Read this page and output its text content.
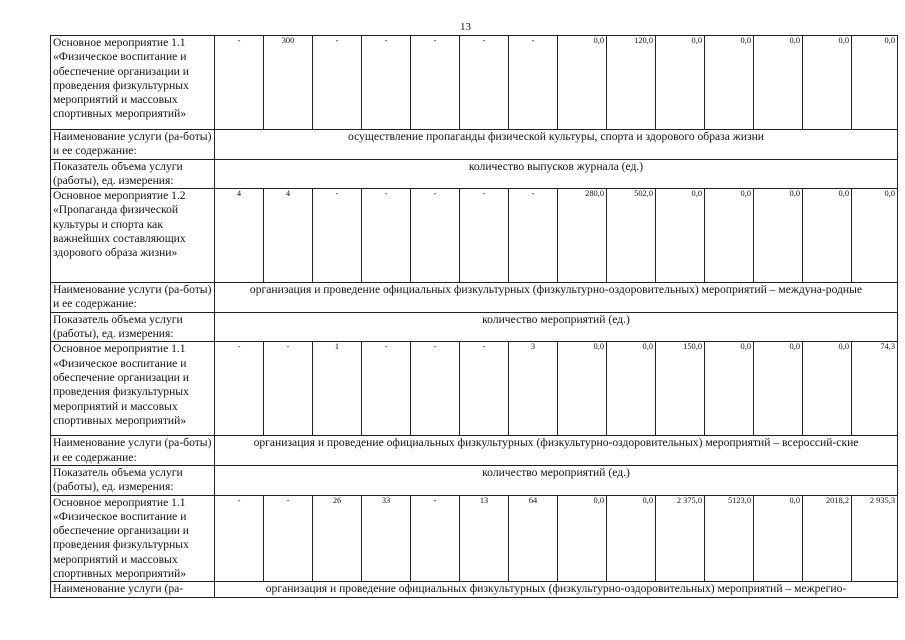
13
Основное мероприятие 1.1 «Физическое воспитание и обеспечение организации и проведения физкультурных мероприятий и массовых спортивных мероприятий»	-	300	-	-	-	-	-	0,0	120,0	0,0	0,0	0,0	0,0	0,0
Наименование услуги (ра-боты) и ее содержание:	осуществление пропаганды физической культуры, спорта и здорового образа жизни													
Показатель объема услуги (работы), ед. измерения:	количество выпусков журнала (ед.)													
Основное мероприятие 1.2 «Пропаганда физической культуры и спорта как важнейших составляющих здорового образа жизни»	4	4	-	-	-	-	-	280,0	502,0	0,0	0,0	0,0	0,0	0,0
Наименование услуги (ра-боты) и ее содержание:	организация и проведение официальных физкультурных (физкультурно-оздоровительных) мероприятий – междуна-родные													
Показатель объема услуги (работы), ед. измерения:	количество мероприятий (ед.)													
Основное мероприятие 1.1 «Физическое воспитание и обеспечение организации и проведения физкультурных мероприятий и массовых спортивных мероприятий»	-	-	1	-	-	-	3	0,0	0,0	150,0	0,0	0,0	0,0	74,3
Наименование услуги (ра-боты) и ее содержание:	организация и проведение официальных физкультурных (физкультурно-оздоровительных) мероприятий – всероссий-ские													
Показатель объема услуги (работы), ед. измерения:	количество мероприятий (ед.)													
Основное мероприятие 1.1 «Физическое воспитание и обеспечение организации и проведения физкультурных мероприятий и массовых спортивных мероприятий»	-	-	26	33	-	13	64	0,0	0,0	2 375,0	5123,0	0,0	2018,2	2 935,3
Наименование услуги (ра-	организация и проведение официальных физкультурных (физкультурно-оздоровительных) мероприятий – межрегио-													
